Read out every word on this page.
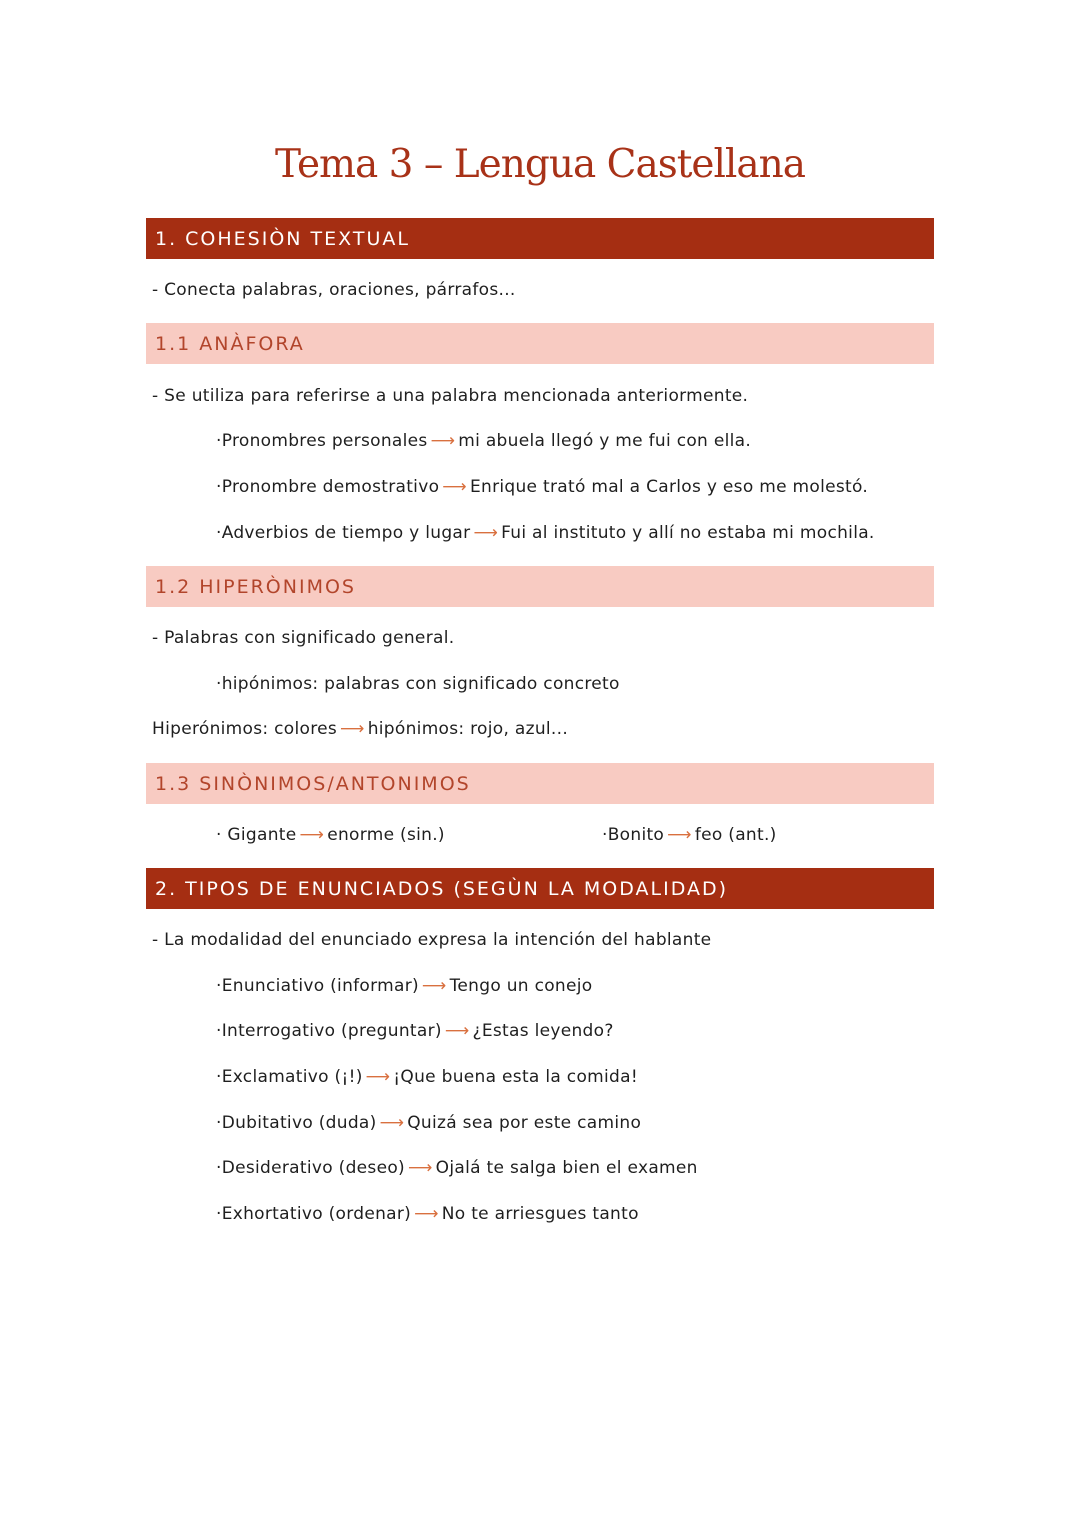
Tema 3 – Lengua Castellana
1. COHESIÒN TEXTUAL
- Conecta palabras, oraciones, párrafos...
1.1 ANÀFORA
- Se utiliza para referirse a una palabra mencionada anteriormente.
·Pronombres personales ⟶ mi abuela llegó y me fui con ella.
·Pronombre demostrativo ⟶ Enrique trató mal a Carlos y eso me molestó.
·Adverbios de tiempo y lugar ⟶ Fui al instituto y allí no estaba mi mochila.
1.2 HIPERÒNIMOS
- Palabras con significado general.
·hipónimos: palabras con significado concreto
Hiperónimos: colores ⟶ hipónimos: rojo, azul...
1.3 SINÒNIMOS/ANTONIMOS
· Gigante ⟶ enorme (sin.)	·Bonito ⟶ feo (ant.)
2. TIPOS DE ENUNCIADOS (SEGÙN LA MODALIDAD)
- La modalidad del enunciado expresa la intención del hablante
·Enunciativo (informar) ⟶ Tengo un conejo
·Interrogativo (preguntar) ⟶ ¿Estas leyendo?
·Exclamativo (¡!) ⟶ ¡Que buena esta la comida!
·Dubitativo (duda) ⟶ Quizá sea por este camino
·Desiderativo (deseo) ⟶ Ojalá te salga bien el examen
·Exhortativo (ordenar) ⟶ No te arriesgues tanto
